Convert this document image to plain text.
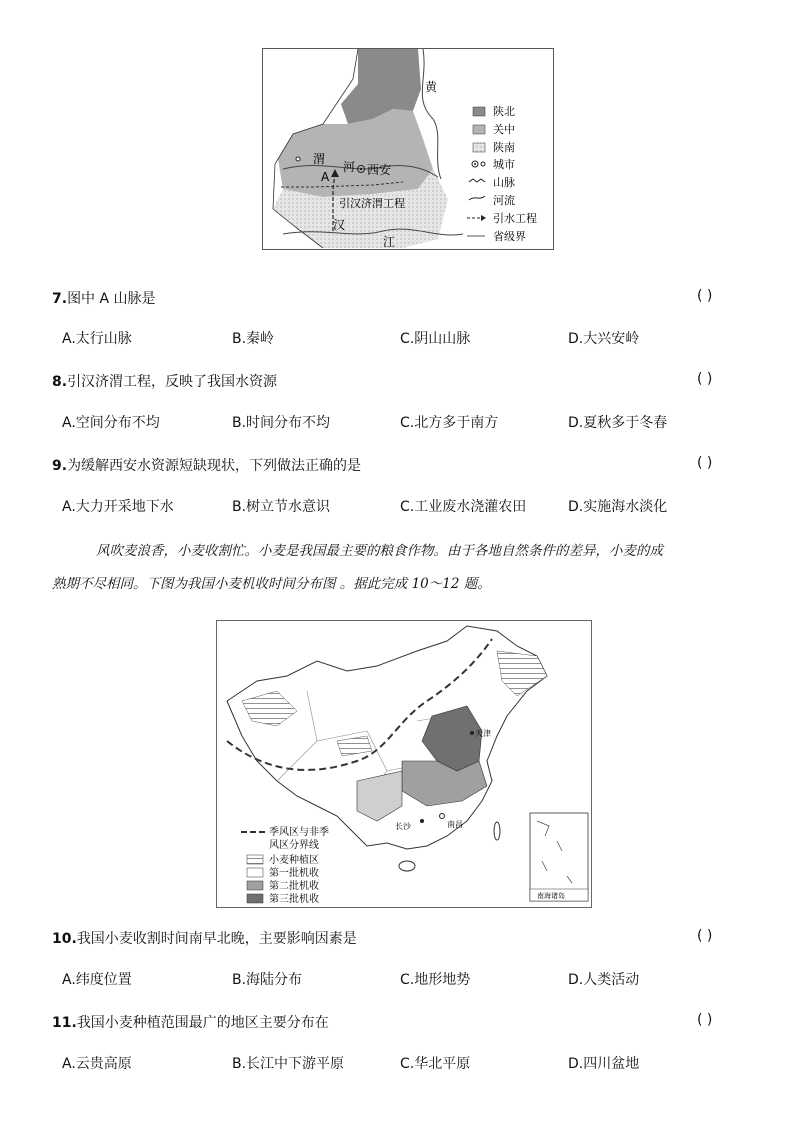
黄
渭
河
A	西安
引汉济渭工程
汉
江
陕北
关中
陕南
城市
山脉
河流
引水工程
省级界
7.图中 A 山脉是	( )
A.太行山脉	B.秦岭	C.阴山山脉	D.大兴安岭
8.引汉济渭工程，反映了我国水资源	( )
A.空间分布不均	B.时间分布不均	C.北方多于南方	D.夏秋多于冬春
9.为缓解西安水资源短缺现状，下列做法正确的是	( )
A.大力开采地下水	B.树立节水意识	C.工业废水浇灌农田	D.实施海水淡化

风吹麦浪香，小麦收割忙。小麦是我国最主要的粮食作物。由于各地自然条件的差异，小麦的成

熟期不尽相同。下图为我国小麦机收时间分布图 。据此完成 10～12 题。

天津
长沙	南昌
南海诸岛
季风区与非季
风区分界线
小麦种植区
第一批机收
第二批机收
第三批机收
10.我国小麦收割时间南早北晚，主要影响因素是	( )
A.纬度位置	B.海陆分布	C.地形地势	D.人类活动
11.我国小麦种植范围最广的地区主要分布在	( )
A.云贵高原	B.长江中下游平原	C.华北平原	D.四川盆地
